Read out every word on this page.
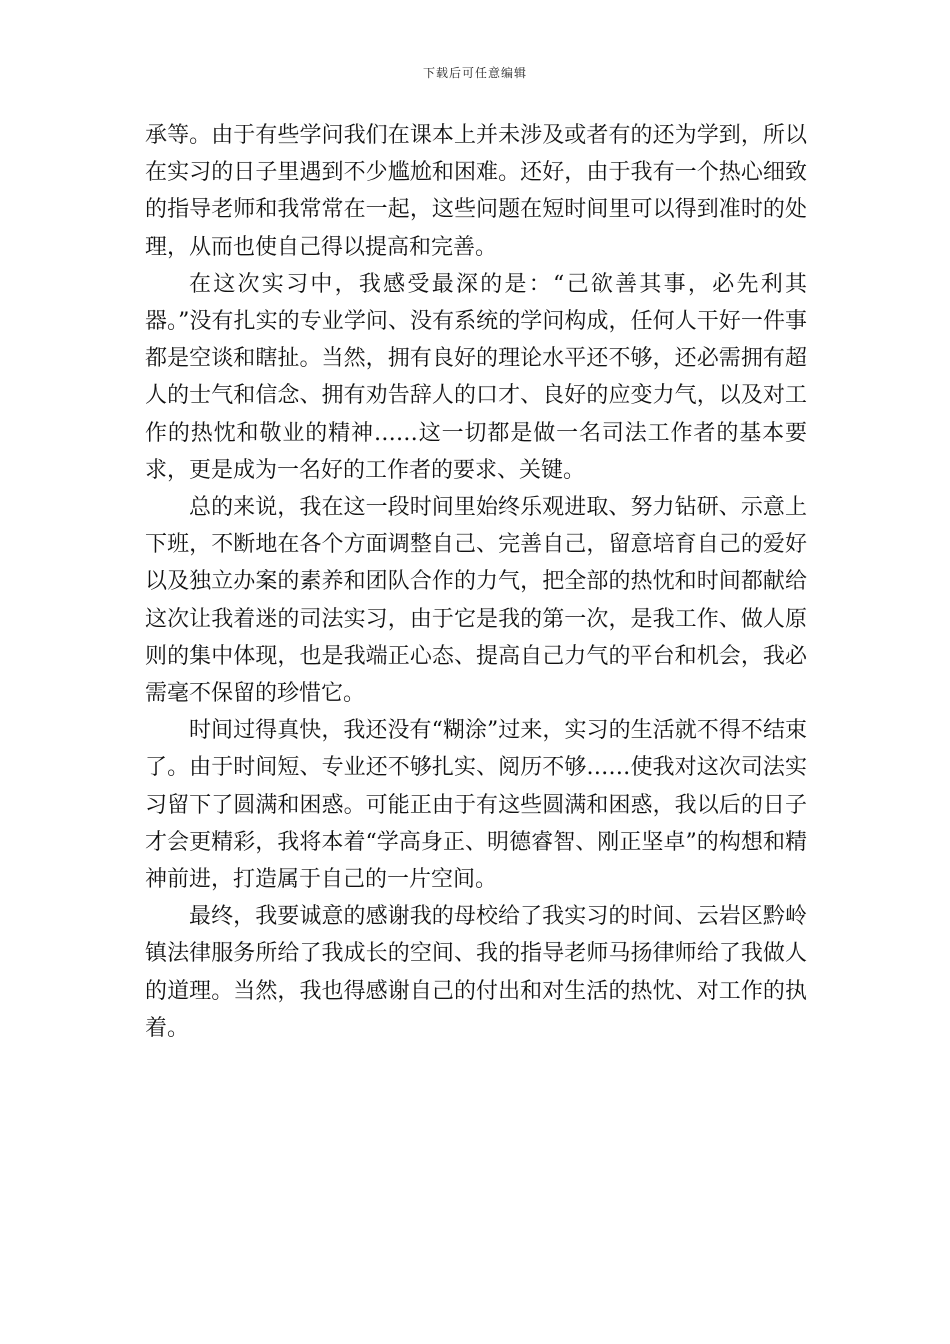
下载后可任意编辑

承等。由于有些学问我们在课本上并未涉及或者有的还为学到，所以在实习的日子里遇到不少尴尬和困难。还好，由于我有一个热心细致的指导老师和我常常在一起，这些问题在短时间里可以得到准时的处理，从而也使自己得以提高和完善。

在这次实习中，我感受最深的是：“己欲善其事，必先利其器。”没有扎实的专业学问、没有系统的学问构成，任何人干好一件事都是空谈和瞎扯。当然，拥有良好的理论水平还不够，还必需拥有超人的士气和信念、拥有劝告辞人的口才、良好的应变力气，以及对工作的热忱和敬业的精神……这一切都是做一名司法工作者的基本要求，更是成为一名好的工作者的要求、关键。

总的来说，我在这一段时间里始终乐观进取、努力钻研、示意上下班，不断地在各个方面调整自己、完善自己，留意培育自己的爱好以及独立办案的素养和团队合作的力气，把全部的热忱和时间都献给这次让我着迷的司法实习，由于它是我的第一次，是我工作、做人原则的集中体现，也是我端正心态、提高自己力气的平台和机会，我必需毫不保留的珍惜它。

时间过得真快，我还没有“糊涂”过来，实习的生活就不得不结束了。由于时间短、专业还不够扎实、阅历不够……使我对这次司法实习留下了圆满和困惑。可能正由于有这些圆满和困惑，我以后的日子才会更精彩，我将本着“学高身正、明德睿智、刚正坚卓”的构想和精神前进，打造属于自己的一片空间。

最终，我要诚意的感谢我的母校给了我实习的时间、云岩区黔岭镇法律服务所给了我成长的空间、我的指导老师马扬律师给了我做人的道理。当然，我也得感谢自己的付出和对生活的热忱、对工作的执着。
